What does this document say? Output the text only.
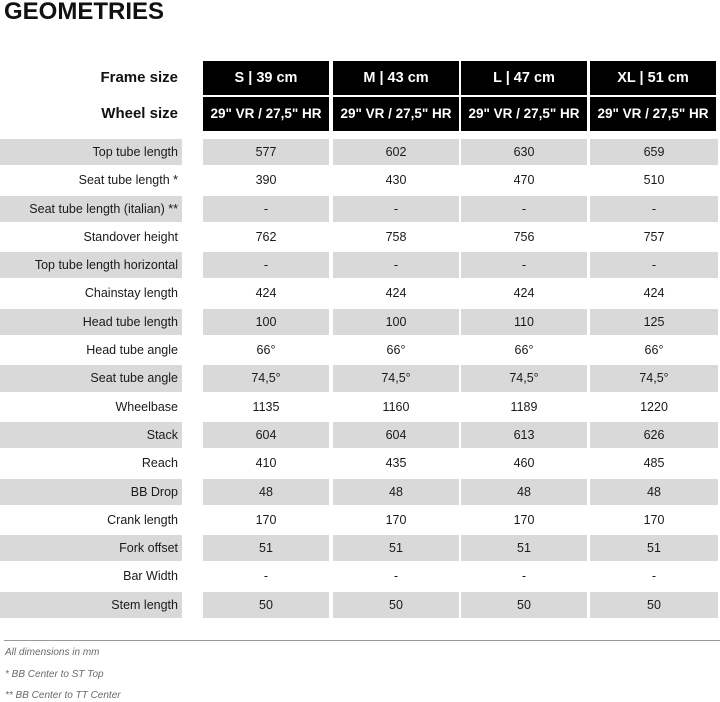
GEOMETRIES
Frame size	S | 39 cm	M | 43 cm	L | 47 cm	XL | 51 cm
Wheel size	29" VR / 27,5" HR	29" VR / 27,5" HR	29" VR / 27,5" HR	29" VR / 27,5" HR
Top tube length	577	602	630	659
Seat tube length *	390	430	470	510
Seat tube length (italian) **	-	-	-	-
Standover height	762	758	756	757
Top tube length horizontal	-	-	-	-
Chainstay length	424	424	424	424
Head tube length	100	100	110	125
Head tube angle	66°	66°	66°	66°
Seat tube angle	74,5°	74,5°	74,5°	74,5°
Wheelbase	1135	1160	1189	1220
Stack	604	604	613	626
Reach	410	435	460	485
BB Drop	48	48	48	48
Crank length	170	170	170	170
Fork offset	51	51	51	51
Bar Width	-	-	-	-
Stem length	50	50	50	50
All dimensions in mm
* BB Center to ST Top
** BB Center to TT Center
